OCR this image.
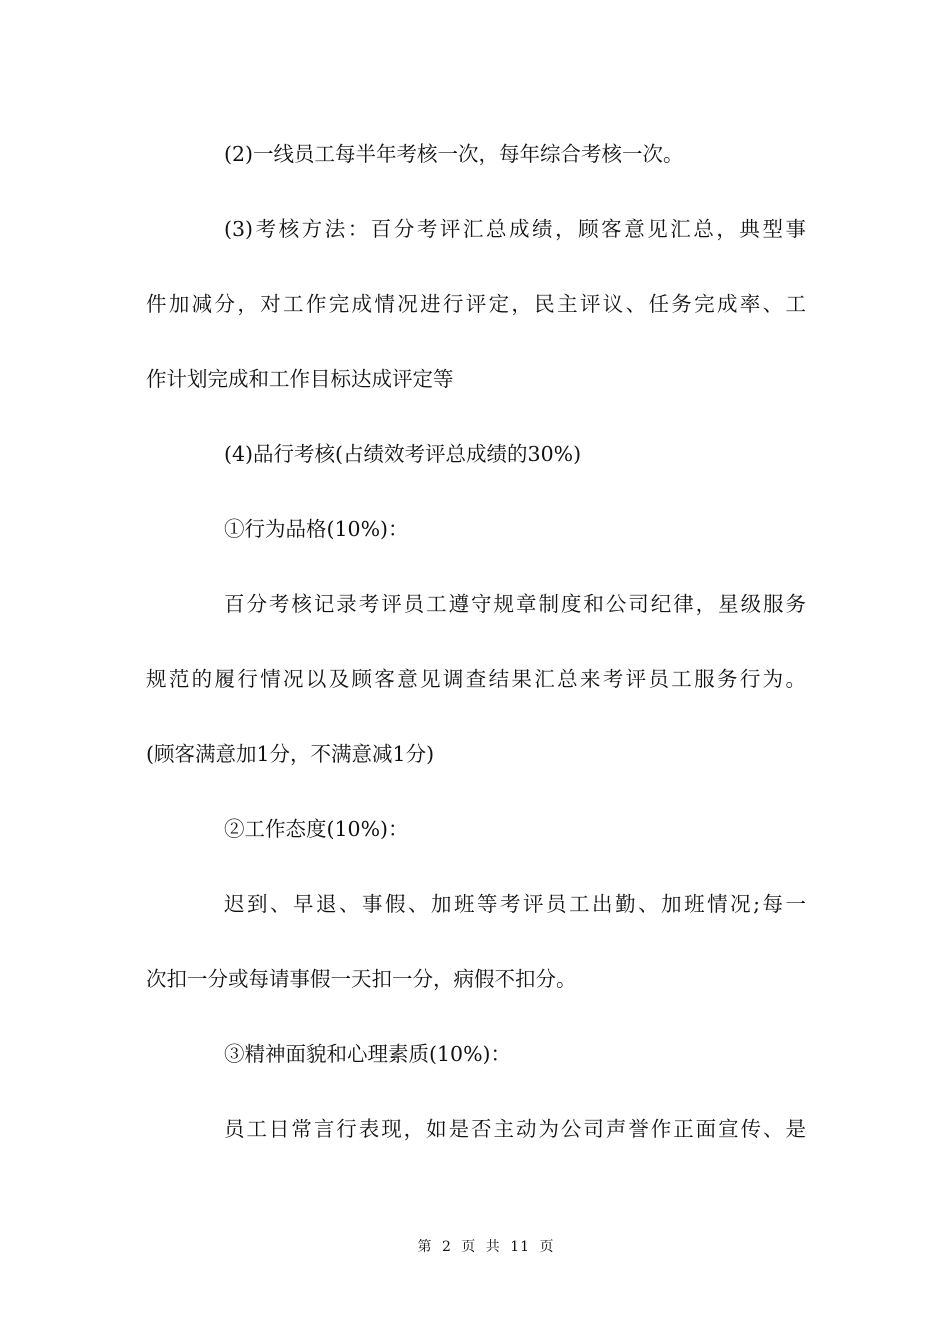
(2)一线员工每半年考核一次，每年综合考核一次。
(3)考核方法：百分考评汇总成绩，顾客意见汇总，典型事
件加减分，对工作完成情况进行评定，民主评议、任务完成率、工
作计划完成和工作目标达成评定等
(4)品行考核(占绩效考评总成绩的30%)
①行为品格(10%)：
百分考核记录考评员工遵守规章制度和公司纪律，星级服务
规范的履行情况以及顾客意见调查结果汇总来考评员工服务行为。
(顾客满意加1分，不满意减1分)
②工作态度(10%)：
迟到、早退、事假、加班等考评员工出勤、加班情况;每一
次扣一分或每请事假一天扣一分，病假不扣分。
③精神面貌和心理素质(10%)：
员工日常言行表现，如是否主动为公司声誉作正面宣传、是
第 2 页 共 11 页
